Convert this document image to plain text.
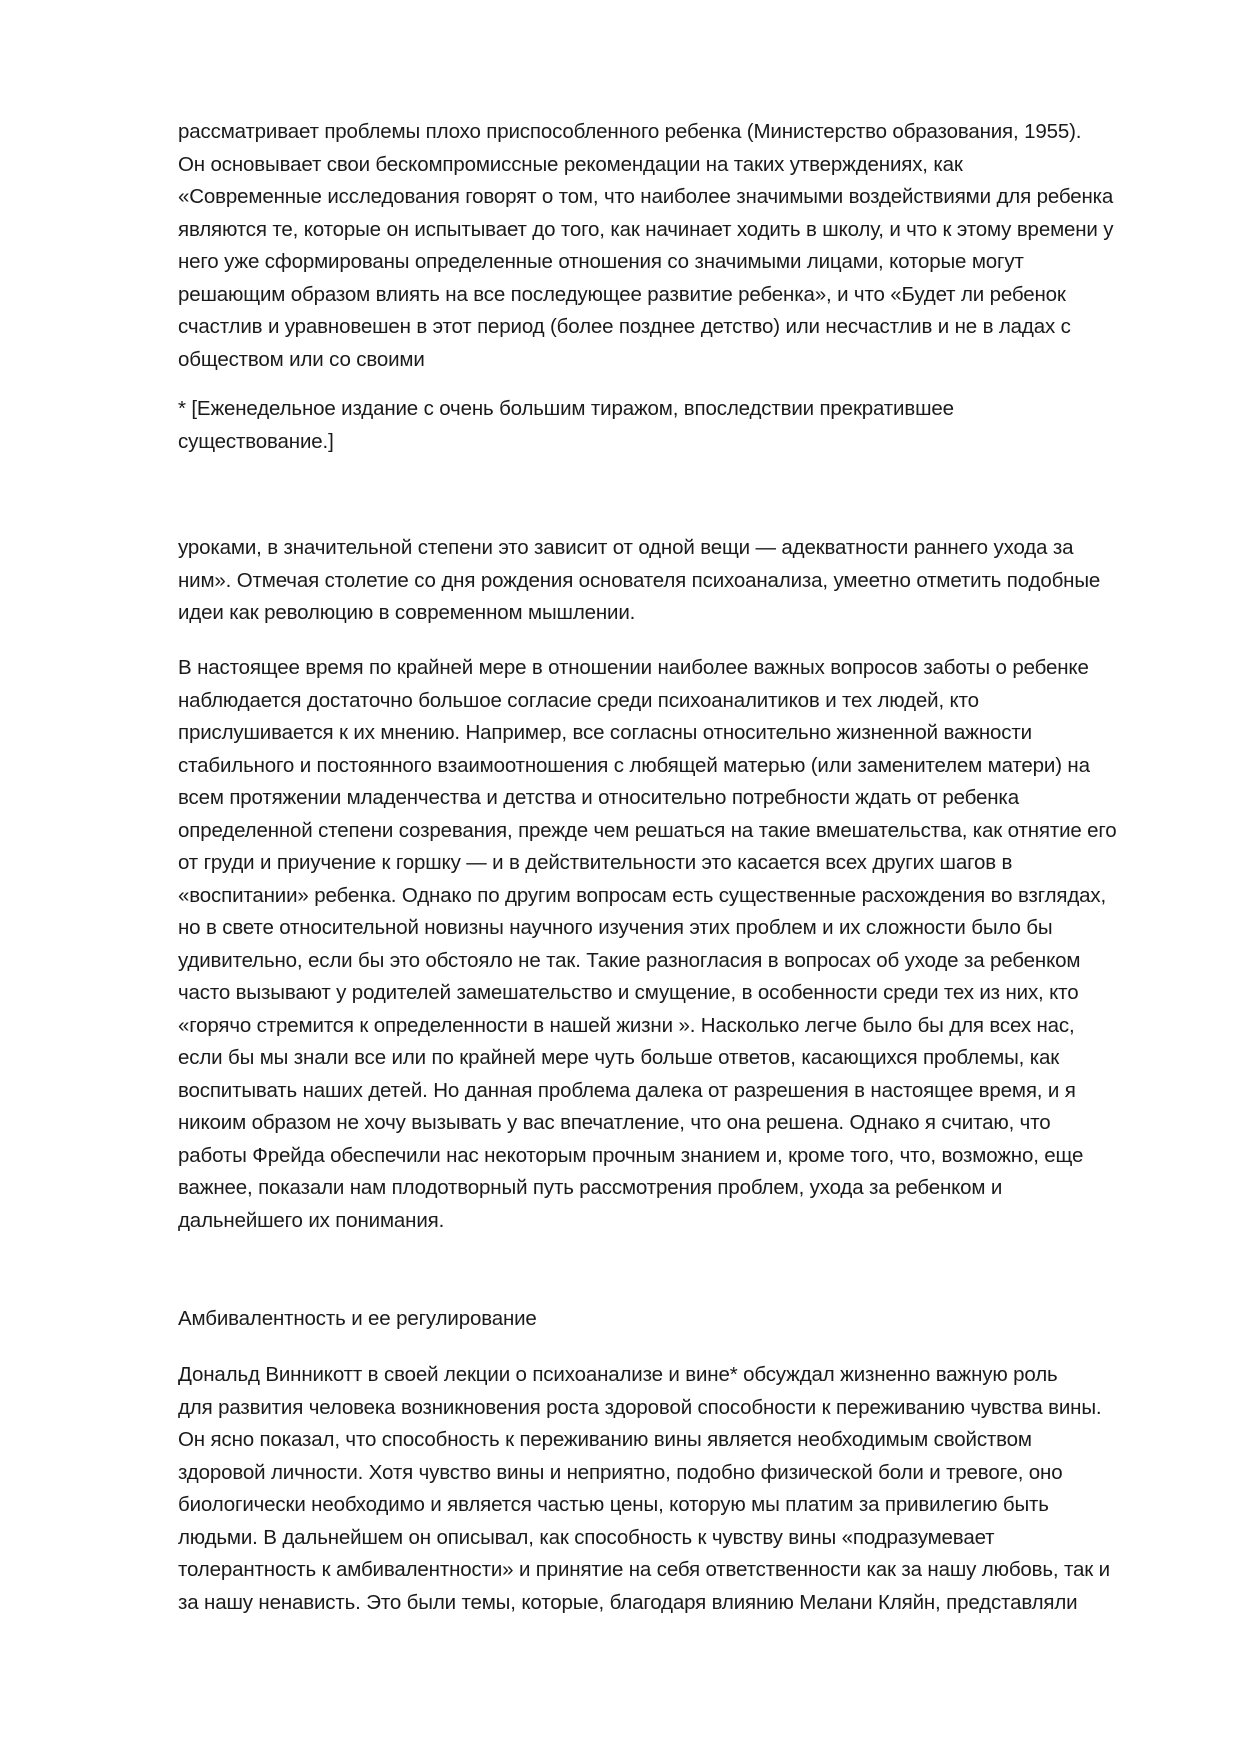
рассматривает проблемы плохо приспособленного ребенка (Министерство образования, 1955).
Он основывает свои бескомпромиссные рекомендации на таких утверждениях, как
«Современные исследования говорят о том, что наиболее значимыми воздействиями для ребенка
являются те, которые он испытывает до того, как начинает ходить в школу, и что к этому времени у
него уже сформированы определенные отношения со значимыми лицами, которые могут
решающим образом влиять на все последующее развитие ребенка», и что «Будет ли ребенок
счастлив и уравновешен в этот период (более позднее детство) или несчастлив и не в ладах с
обществом или со своими

* [Еженедельное издание с очень большим тиражом, впоследствии прекратившее
существование.]

уроками, в значительной степени это зависит от одной вещи — адекватности раннего ухода за
ним». Отмечая столетие со дня рождения основателя психоанализа, умеетно отметить подобные
идеи как революцию в современном мышлении.

В настоящее время по крайней мере в отношении наиболее важных вопросов заботы о ребенке
наблюдается достаточно большое согласие среди психоаналитиков и тех людей, кто
прислушивается к их мнению. Например, все согласны относительно жизненной важности
стабильного и постоянного взаимоотношения с любящей матерью (или заменителем матери) на
всем протяжении младенчества и детства и относительно потребности ждать от ребенка
определенной степени созревания, прежде чем решаться на такие вмешательства, как отнятие его
от груди и приучение к горшку — и в действительности это касается всех других шагов в
«воспитании» ребенка. Однако по другим вопросам есть существенные расхождения во взглядах,
но в свете относительной новизны научного изучения этих проблем и их сложности было бы
удивительно, если бы это обстояло не так. Такие разногласия в вопросах об уходе за ребенком
часто вызывают у родителей замешательство и смущение, в особенности среди тех из них, кто
«горячо стремится к определенности в нашей жизни ». Насколько легче было бы для всех нас,
если бы мы знали все или по крайней мере чуть больше ответов, касающихся проблемы, как
воспитывать наших детей. Но данная проблема далека от разрешения в настоящее время, и я
никоим образом не хочу вызывать у вас впечатление, что она решена. Однако я считаю, что
работы Фрейда обеспечили нас некоторым прочным знанием и, кроме того, что, возможно, еще
важнее, показали нам плодотворный путь рассмотрения проблем, ухода за ребенком и
дальнейшего их понимания.

Амбивалентность и ее регулирование

Дональд Винникотт в своей лекции о психоанализе и вине* обсуждал жизненно важную роль
для развития человека возникновения роста здоровой способности к переживанию чувства вины.
Он ясно показал, что способность к переживанию вины является необходимым свойством
здоровой личности. Хотя чувство вины и неприятно, подобно физической боли и тревоге, оно
биологически необходимо и является частью цены, которую мы платим за привилегию быть
людьми. В дальнейшем он описывал, как способность к чувству вины «подразумевает
толерантность к амбивалентности» и принятие на себя ответственности как за нашу любовь, так и
за нашу ненависть. Это были темы, которые, благодаря влиянию Мелани Кляйн, представляли
